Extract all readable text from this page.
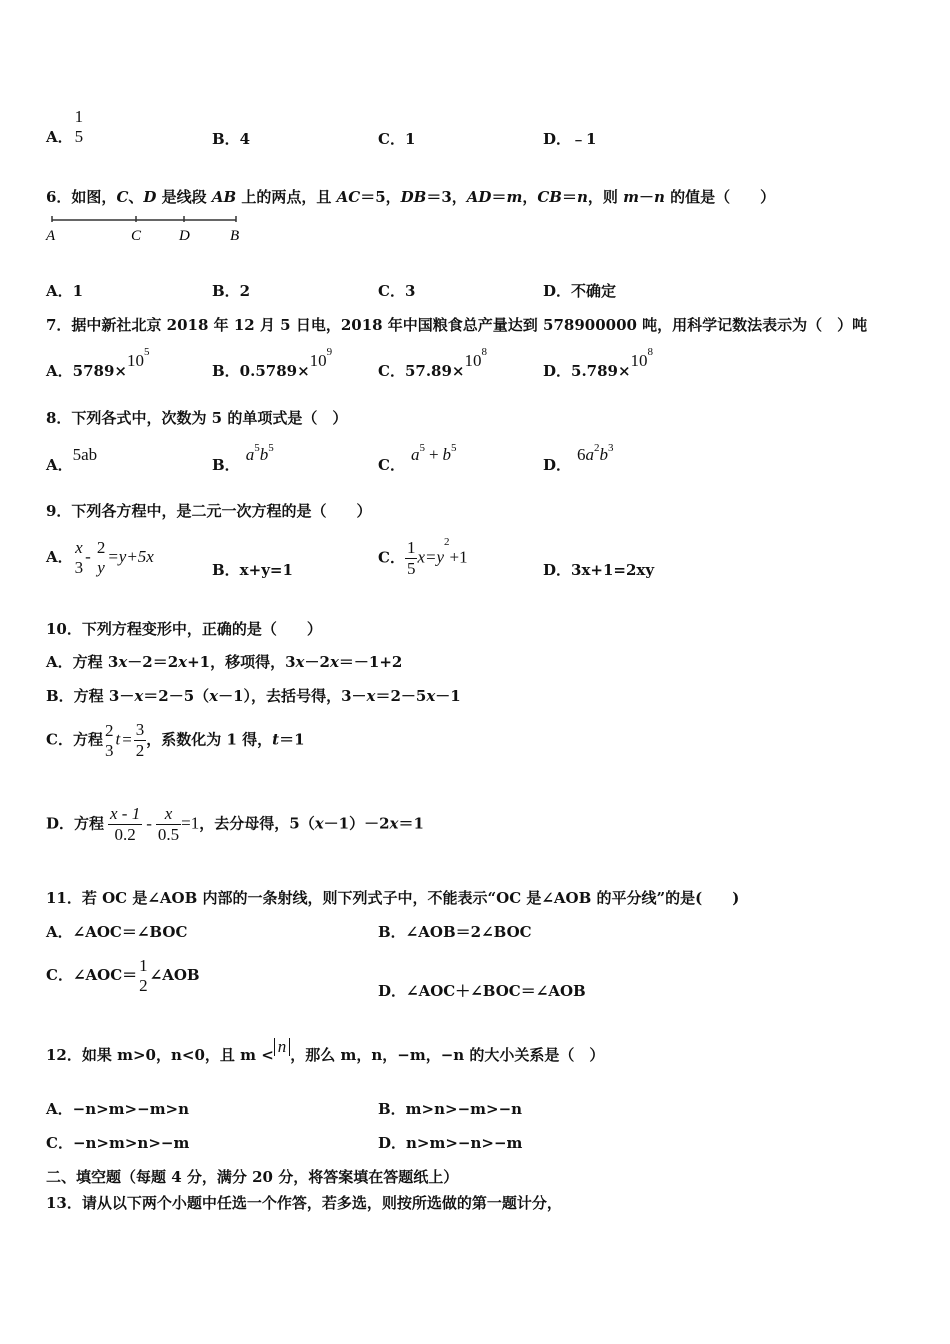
A．
1
5	B．4	C．1	D．﹣1
6．如图，C、D 是线段 AB 上的两点，且 AC＝5，DB＝3，AD＝m，CB＝n，则 m－n 的值是（　　）
A	C	D	B
A．1	B．2	C．3	D．不确定
7．据中新社北京 2018 年 12 月 5 日电，2018 年中国粮食总产量达到 578900000 吨，用科学记数法表示为（　）吨
A．$5789\times 10^5$
B．$0.5789\times 10^9$
C．$57.89\times 10^8$
D．$5.789\times 10^8$
8．下列各式中，次数为 5 的单项式是（　）
A．5ab
B．$a^5b^5$
C．$a^5 + b^5$
D．$6a^2b^3$
9．下列各方程中，是二元一次方程的是（　　）
A． x
3
- 2
y
=y+5x
B．x+y=1
C． $\frac{1}{5} x=y^2+1$
D．3x+1=2xy
10．下列方程变形中，正确的是（　　）
A．方程 3x－2＝2x+1，移项得，3x－2x＝－1+2
B．方程 3－x＝2－5（x－1），去括号得，3－x＝2－5x－1
C．方程 2
3
$t = \frac{3}{2}$ ，系数化为 1 得，t＝1
D．方程 $\frac{x - 1}{0.2} - \frac{x}{0.5} =1$，去分母得，5（x－1）－2x＝1
11．若 OC 是∠AOB 内部的一条射线，则下列式子中，不能表示“OC 是∠AOB 的平分线”的是(　　)
A．∠AOC＝∠BOC	B．∠AOB＝2∠BOC
C．∠AOC＝ 1
2
∠AOB
D．∠AOC＋∠BOC＝∠AOB
12．如果 m>0，n<0，且 m < n ，那么 m，n，−m，−n 的大小关系是（　）
A．−n>m>−m>n	B．m>n>−m>−n
C．−n>m>n>−m	D．n>m>−n>−m
二、填空题（每题 4 分，满分 20 分，将答案填在答题纸上）
13．请从以下两个小题中任选一个作答，若多选，则按所选做的第一题计分，
